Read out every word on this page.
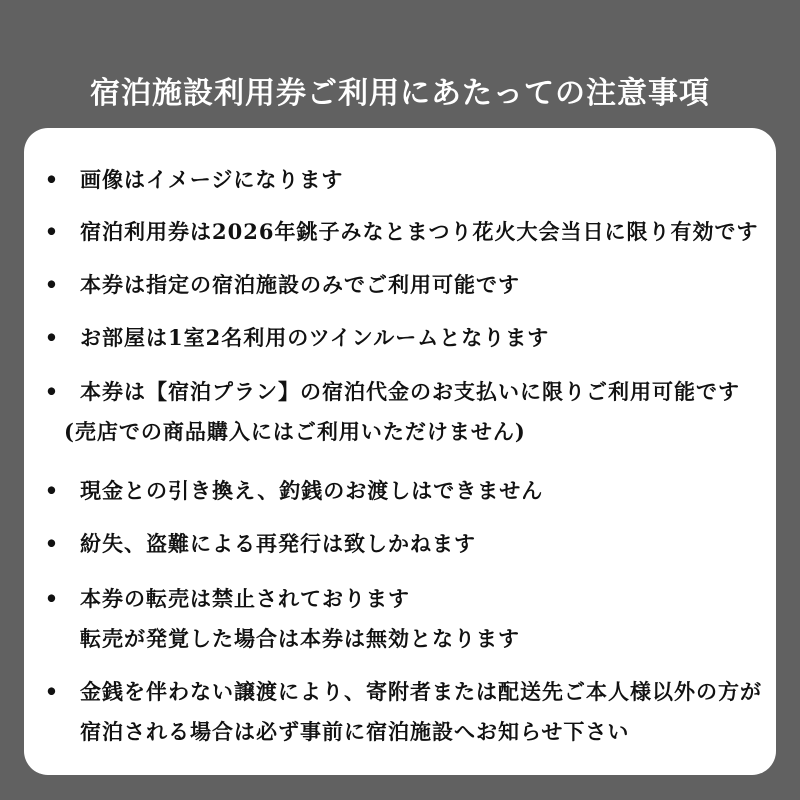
宿泊施設利用券ご利用にあたっての注意事項
• 画像はイメージになります
• 宿泊利用券は2026年銚子みなとまつり花火大会当日に限り有効です
• 本券は指定の宿泊施設のみでご利用可能です
• お部屋は1室2名利用のツインルームとなります
• 本券は【宿泊プラン】の宿泊代金のお支払いに限りご利用可能です
(売店での商品購入にはご利用いただけません)
• 現金との引き換え、釣銭のお渡しはできません
• 紛失、盗難による再発行は致しかねます
• 本券の転売は禁止されております
転売が発覚した場合は本券は無効となります
• 金銭を伴わない譲渡により、寄附者または配送先ご本人様以外の方が
宿泊される場合は必ず事前に宿泊施設へお知らせ下さい
